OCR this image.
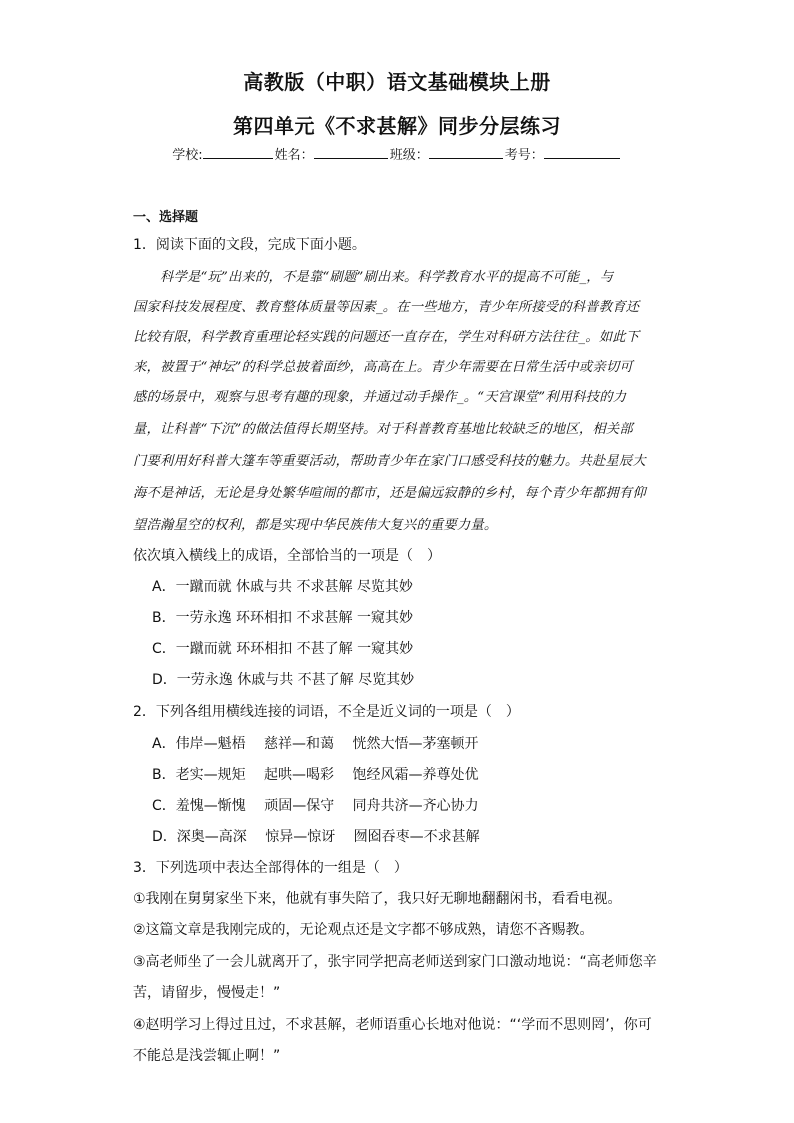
高教版（中职）语文基础模块上册
第四单元《不求甚解》同步分层练习
学校:	姓名：	班级：	考号：
一、选择题
1．阅读下面的文段，完成下面小题。
科学是“玩”出来的，不是靠“刷题”刷出来。科学教育水平的提高不可能_，与
国家科技发展程度、教育整体质量等因素_。在一些地方，青少年所接受的科普教育还
比较有限，科学教育重理论轻实践的问题还一直存在，学生对科研方法往往_。如此下
来，被置于“神坛”的科学总披着面纱，高高在上。青少年需要在日常生活中或亲切可
感的场景中，观察与思考有趣的现象，并通过动手操作_。“天宫课堂”利用科技的力
量，让科普“下沉”的做法值得长期坚持。对于科普教育基地比较缺乏的地区，相关部
门要利用好科普大篷车等重要活动，帮助青少年在家门口感受科技的魅力。共赴星辰大
海不是神话，无论是身处繁华喧闹的都市，还是偏远寂静的乡村，每个青少年都拥有仰
望浩瀚星空的权利，都是实现中华民族伟大复兴的重要力量。
依次填入横线上的成语，全部恰当的一项是（　）
A．一蹴而就 休戚与共 不求甚解 尽览其妙
B．一劳永逸 环环相扣 不求甚解 一窥其妙
C．一蹴而就 环环相扣 不甚了解 一窥其妙
D．一劳永逸 休戚与共 不甚了解 尽览其妙
2．下列各组用横线连接的词语，不全是近义词的一项是（　）
A．伟岸—魁梧　 慈祥—和蔼　 恍然大悟—茅塞顿开
B．老实—规矩　 起哄—喝彩　 饱经风霜—养尊处优
C．羞愧—惭愧　 顽固—保守　 同舟共济—齐心协力
D．深奥—高深　 惊异—惊讶　 囫囵吞枣—不求甚解
3．下列选项中表达全部得体的一组是（　）
①我刚在舅舅家坐下来，他就有事失陪了，我只好无聊地翻翻闲书，看看电视。
②这篇文章是我刚完成的，无论观点还是文字都不够成熟，请您不吝赐教。
③高老师坐了一会儿就离开了，张宇同学把高老师送到家门口激动地说：“高老师您辛
苦，请留步，慢慢走！”
④赵明学习上得过且过，不求甚解，老师语重心长地对他说：“‘学而不思则罔’，你可
不能总是浅尝辄止啊！”
